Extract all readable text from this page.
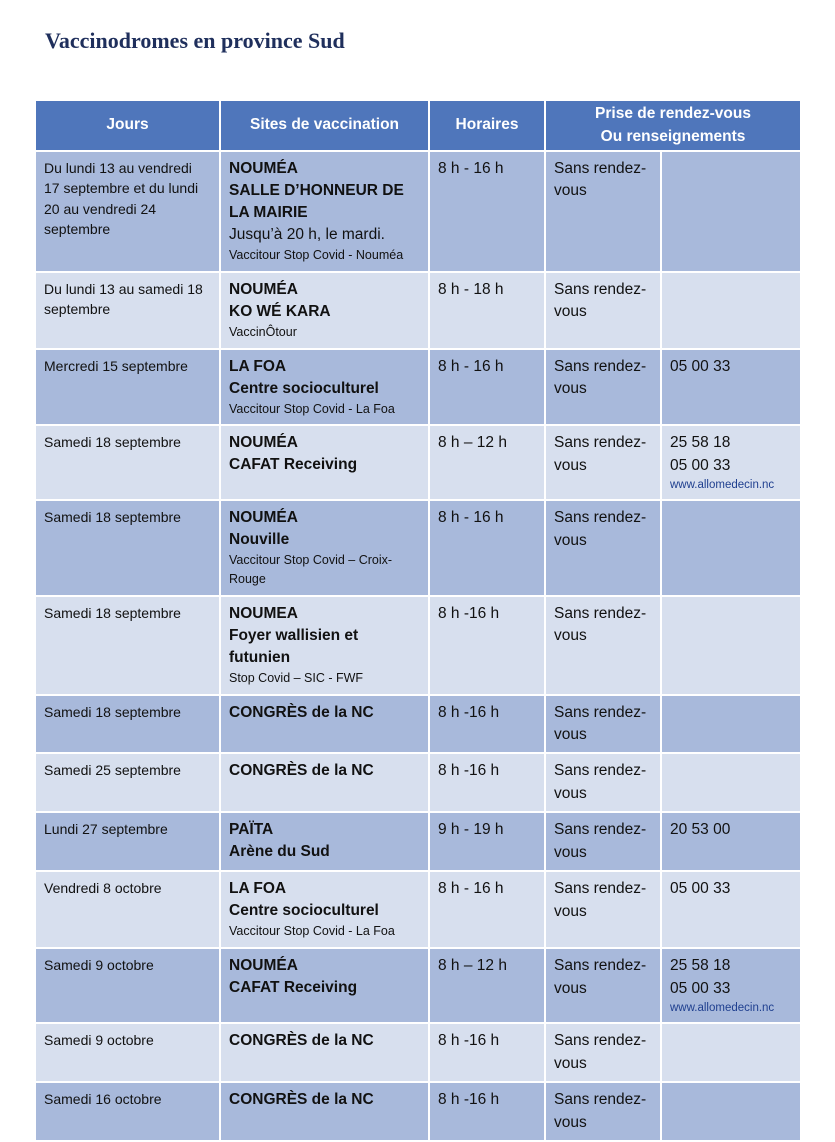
Vaccinodromes en province Sud
Jours	Sites de vaccination	Horaires	Prise de rendez-vous
Ou renseignements	
Du lundi 13 au vendredi 17 septembre et du lundi 20 au vendredi 24 septembre	NOUMÉA
SALLE D’HONNEUR DE LA MAIRIE
Jusqu’à 20 h, le mardi.
Vaccitour Stop Covid - Nouméa	8 h - 16 h	Sans rendez-vous	
Du lundi 13 au samedi 18 septembre	NOUMÉA
KO WÉ KARA
VaccinÔtour	8 h - 18 h	Sans rendez-vous	
Mercredi 15 septembre	LA FOA
Centre socioculturel
Vaccitour Stop Covid - La Foa	8 h - 16 h	Sans rendez-vous	05 00 33

Samedi 18 septembre	NOUMÉA
CAFAT Receiving	8 h – 12 h	Sans rendez-vous	25 58 18
05 00 33
www.allomedecin.nc

Samedi 18 septembre	NOUMÉA
Nouville
Vaccitour Stop Covid – Croix-Rouge	8 h - 16 h	Sans rendez-vous	
Samedi 18 septembre	NOUMEA
Foyer wallisien et futunien
Stop Covid – SIC - FWF	8 h -16 h	Sans rendez-vous	
Samedi 18 septembre	CONGRÈS de la NC	8 h -16 h	Sans rendez-vous	
Samedi 25 septembre	CONGRÈS de la NC	8 h -16 h	Sans rendez-vous	
Lundi 27 septembre	PAÏTA
Arène du Sud	9 h - 19 h	Sans rendez-vous	20 53 00

Vendredi 8 octobre	LA FOA
Centre socioculturel
Vaccitour Stop Covid - La Foa	8 h - 16 h	Sans rendez-vous	05 00 33

Samedi 9 octobre	NOUMÉA
CAFAT Receiving	8 h – 12 h	Sans rendez-vous	25 58 18
05 00 33
www.allomedecin.nc

Samedi 9 octobre	CONGRÈS de la NC	8 h -16 h	Sans rendez-vous	
Samedi 16 octobre	CONGRÈS de la NC	8 h -16 h	Sans rendez-vous	
